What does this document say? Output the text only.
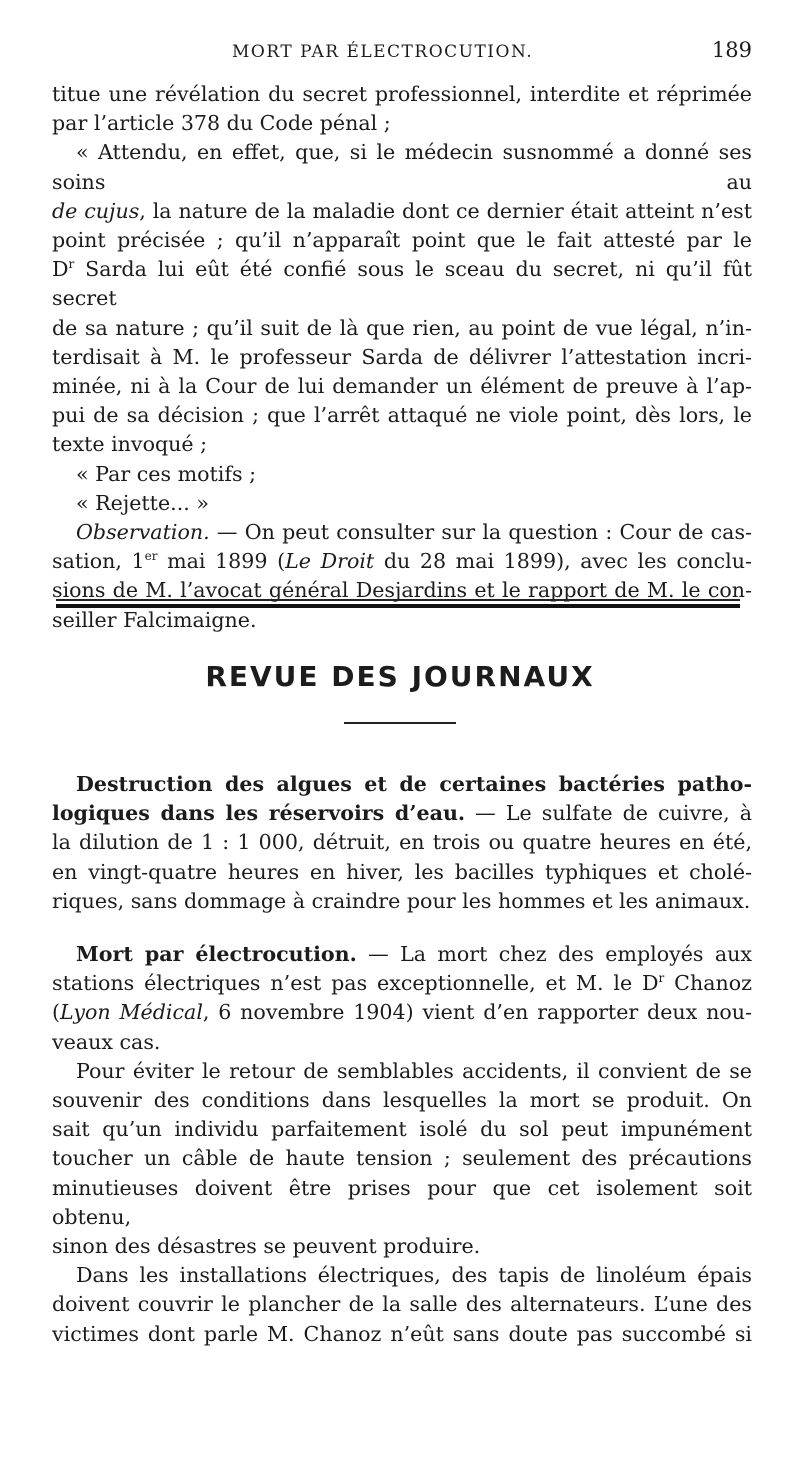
MORT PAR ÉLECTROCUTION.	189

titue une révélation du secret professionnel, interdite et réprimée

par l’article 378 du Code pénal ;

« Attendu, en effet, que, si le médecin susnommé a donné ses soins au

de cujus, la nature de la maladie dont ce dernier était atteint n’est

point précisée ; qu’il n’apparaît point que le fait attesté par le

$D^r$ Sarda lui eût été confié sous le sceau du secret, ni qu’il fût secret

de sa nature ; qu’il suit de là que rien, au point de vue légal, n’in-

terdisait à M. le professeur Sarda de délivrer l’attestation incri-

minée, ni à la Cour de lui demander un élément de preuve à l’ap-

pui de sa décision ; que l’arrêt attaqué ne viole point, dès lors, le

texte invoqué ;

« Par ces motifs ;

« Rejette... »

Observation. — On peut consulter sur la question : Cour de cas-

sation, 1er mai 1899 (Le Droit du 28 mai 1899), avec les conclu-

sions de M. l’avocat général Desjardins et le rapport de M. le con-

seiller Falcimaigne.

REVUE DES JOURNAUX

Destruction des algues et de certaines bactéries patho-

logiques dans les réservoirs d’eau. — Le sulfate de cuivre, à

la dilution de 1 : 1 000, détruit, en trois ou quatre heures en été,

en vingt-quatre heures en hiver, les bacilles typhiques et cholé-

riques, sans dommage à craindre pour les hommes et les animaux.

Mort par électrocution. — La mort chez des employés aux

stations électriques n’est pas exceptionnelle, et M. le $D^r$ Chanoz

(Lyon Médical, 6 novembre 1904) vient d’en rapporter deux nou-

veaux cas.

Pour éviter le retour de semblables accidents, il convient de se

souvenir des conditions dans lesquelles la mort se produit. On

sait qu’un individu parfaitement isolé du sol peut impunément

toucher un câble de haute tension ; seulement des précautions

minutieuses doivent être prises pour que cet isolement soit obtenu,

sinon des désastres se peuvent produire.

Dans les installations électriques, des tapis de linoléum épais

doivent couvrir le plancher de la salle des alternateurs. L’une des

victimes dont parle M. Chanoz n’eût sans doute pas succombé si
